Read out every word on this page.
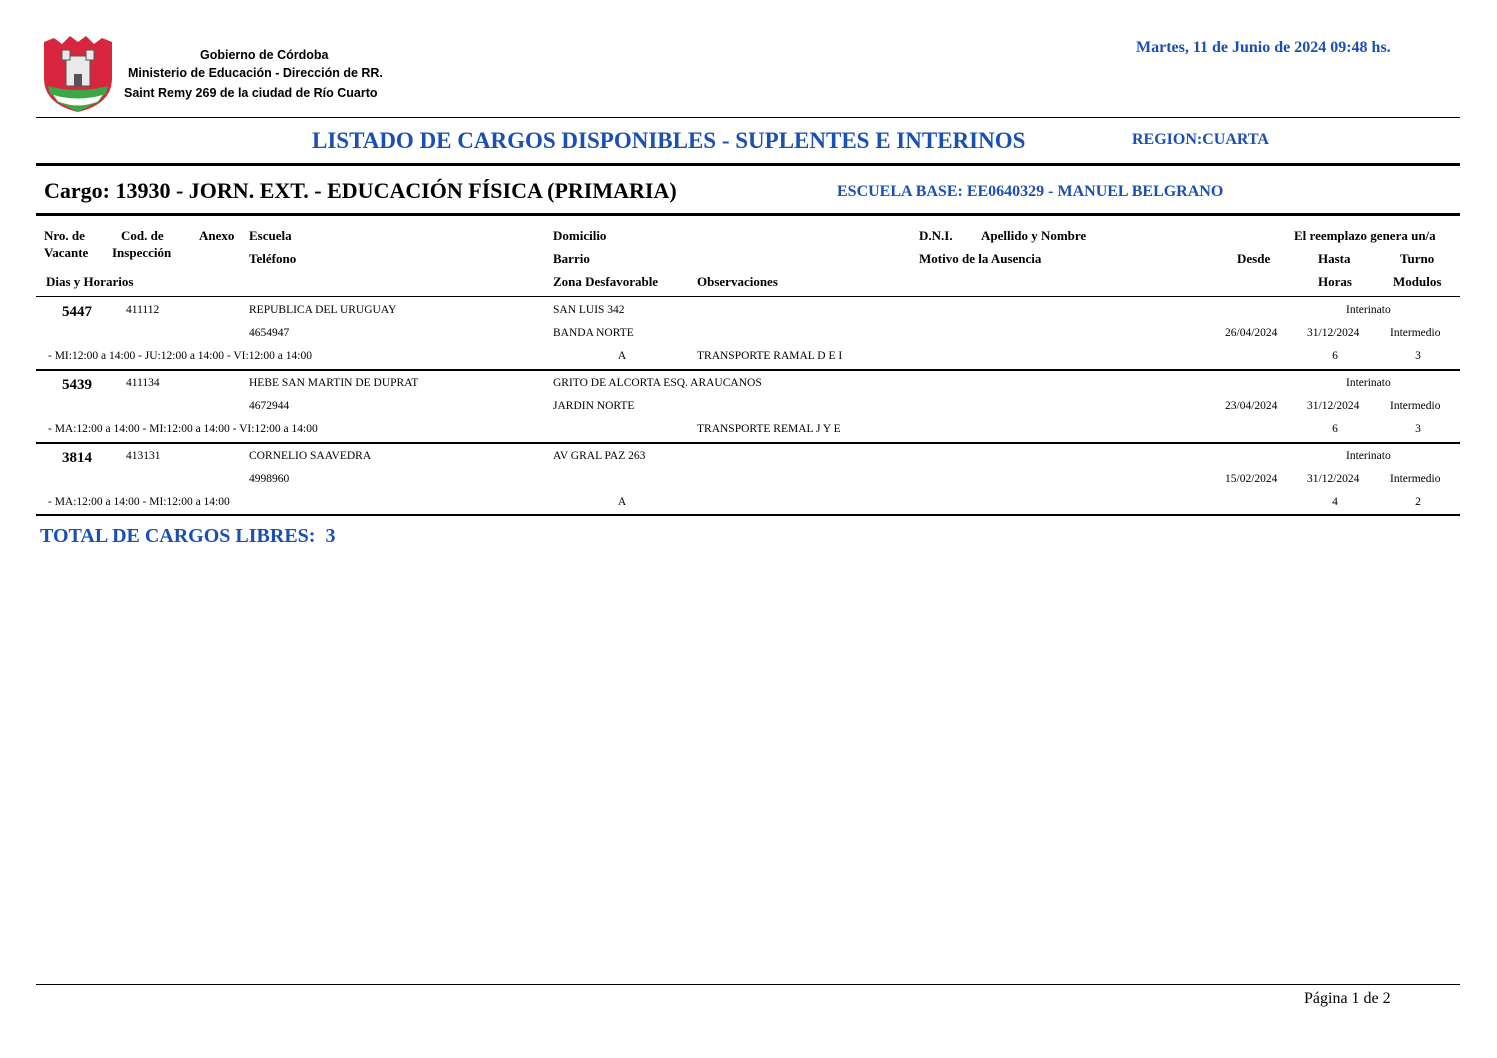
Gobierno de Córdoba
Ministerio de Educación - Dirección de RR.
Saint Remy 269 de la ciudad de Río Cuarto
Martes, 11 de Junio de 2024 09:48 hs.
LISTADO DE CARGOS DISPONIBLES - SUPLENTES E INTERINOS	REGION:CUARTA
Cargo: 13930 - JORN. EXT. - EDUCACIÓN FÍSICA (PRIMARIA)	ESCUELA BASE: EE0640329 - MANUEL BELGRANO
Nro. de
Vacante
Cod. de
Inspección
Anexo Escuela
Teléfono
Dias y Horarios
Domicilio
Barrio
Zona Desfavorable	Observaciones
D.N.I. Apellido y Nombre
Motivo de la Ausencia
El reemplazo genera un/a
Desde	Hasta	Turno
Horas	Modulos
5447	411112	REPUBLICA DEL URUGUAY	SAN LUIS 342	Interinato
4654947	BANDA NORTE	26/04/2024	31/12/2024	Intermedio
- MI:12:00 a 14:00 - JU:12:00 a 14:00 - VI:12:00 a 14:00	A	TRANSPORTE RAMAL D E I	6	3
5439	411134	HEBE SAN MARTIN DE DUPRAT	GRITO DE ALCORTA ESQ. ARAUCANOS	Interinato
4672944	JARDIN NORTE	23/04/2024	31/12/2024	Intermedio
- MA:12:00 a 14:00 - MI:12:00 a 14:00 - VI:12:00 a 14:00	TRANSPORTE REMAL J Y E	6	3
3814	413131	CORNELIO SAAVEDRA	AV GRAL PAZ 263	Interinato
4998960	15/02/2024	31/12/2024	Intermedio
- MA:12:00 a 14:00 - MI:12:00 a 14:00	A	4	2
TOTAL DE CARGOS LIBRES:  3
Página 1 de 2
